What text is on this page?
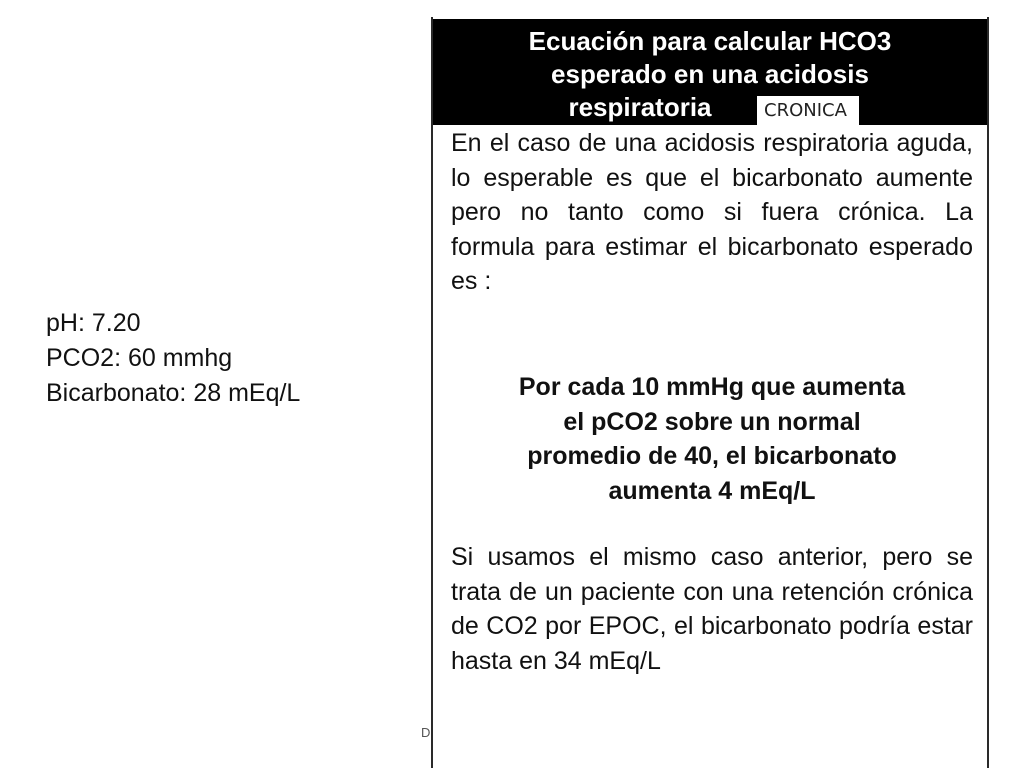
pH: 7.20
PCO2: 60 mmhg
Bicarbonato: 28 mEq/L
Ecuación para calcular HCO3
esperado en una acidosis
respiratoria	CRONICA

En el caso de una acidosis respiratoria aguda, lo esperable es que el bicarbonato aumente pero no tanto como si fuera crónica. La formula para estimar el bicarbonato esperado es :

Por cada 10 mmHg que aumenta
el pCO2 sobre un normal
promedio de 40, el bicarbonato
aumenta 4 mEq/L

Si usamos el mismo caso anterior, pero se trata de un paciente con una retención crónica de CO2 por EPOC, el bicarbonato podría estar hasta en 34 mEq/L

D
